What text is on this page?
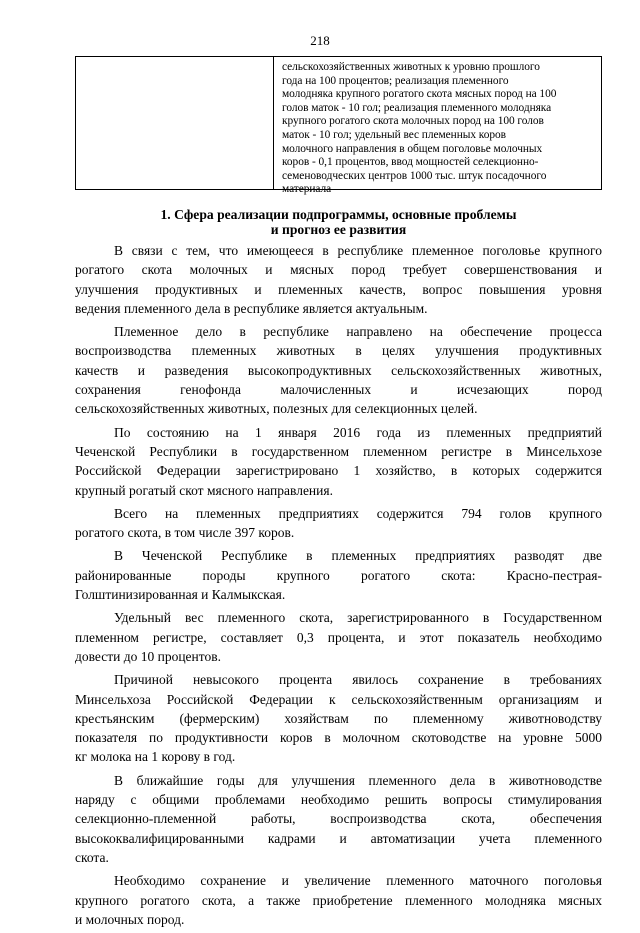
218
сельскохозяйственных животных к уровню прошлого
года на 100 процентов; реализация племенного
молодняка крупного рогатого скота мясных пород на 100
голов маток - 10 гол; реализация племенного молодняка
крупного рогатого скота молочных пород на 100 голов
маток - 10 гол; удельный вес племенных коров
молочного направления в общем поголовье молочных
коров - 0,1 процентов, ввод мощностей селекционно-
семеноводческих центров 1000 тыс. штук посадочного
материала
1. Сфера реализации подпрограммы, основные проблемы
и прогноз ее развития
В связи с тем, что имеющееся в республике племенное поголовье крупного
рогатого скота молочных и мясных пород требует совершенствования и
улучшения продуктивных и племенных качеств, вопрос повышения уровня
ведения племенного дела в республике является актуальным.
Племенное дело в республике направлено на обеспечение процесса
воспроизводства племенных животных в целях улучшения продуктивных
качеств и разведения высокопродуктивных сельскохозяйственных животных,
сохранения генофонда малочисленных и исчезающих пород
сельскохозяйственных животных, полезных для селекционных целей.
По состоянию на 1 января 2016 года из племенных предприятий
Чеченской Республики в государственном племенном регистре в Минсельхозе
Российской Федерации зарегистрировано 1 хозяйство, в которых содержится
крупный рогатый скот мясного направления.
Всего на племенных предприятиях содержится 794 голов крупного
рогатого скота, в том числе 397 коров.
В Чеченской Республике в племенных предприятиях разводят две
районированные породы крупного рогатого скота: Красно-пестрая-
Голштинизированная и Калмыкская.
Удельный вес племенного скота, зарегистрированного в Государственном
племенном регистре, составляет 0,3 процента, и этот показатель необходимо
довести до 10 процентов.
Причиной невысокого процента явилось сохранение в требованиях
Минсельхоза Российской Федерации к сельскохозяйственным организациям и
крестьянским (фермерским) хозяйствам по племенному животноводству
показателя по продуктивности коров в молочном скотоводстве на уровне 5000
кг молока на 1 корову в год.
В ближайшие годы для улучшения племенного дела в животноводстве
наряду с общими проблемами необходимо решить вопросы стимулирования
селекционно-племенной работы, воспроизводства скота, обеспечения
высококвалифицированными кадрами и автоматизации учета племенного
скота.
Необходимо сохранение и увеличение племенного маточного поголовья
крупного рогатого скота, а также приобретение племенного молодняка мясных
и молочных пород.
